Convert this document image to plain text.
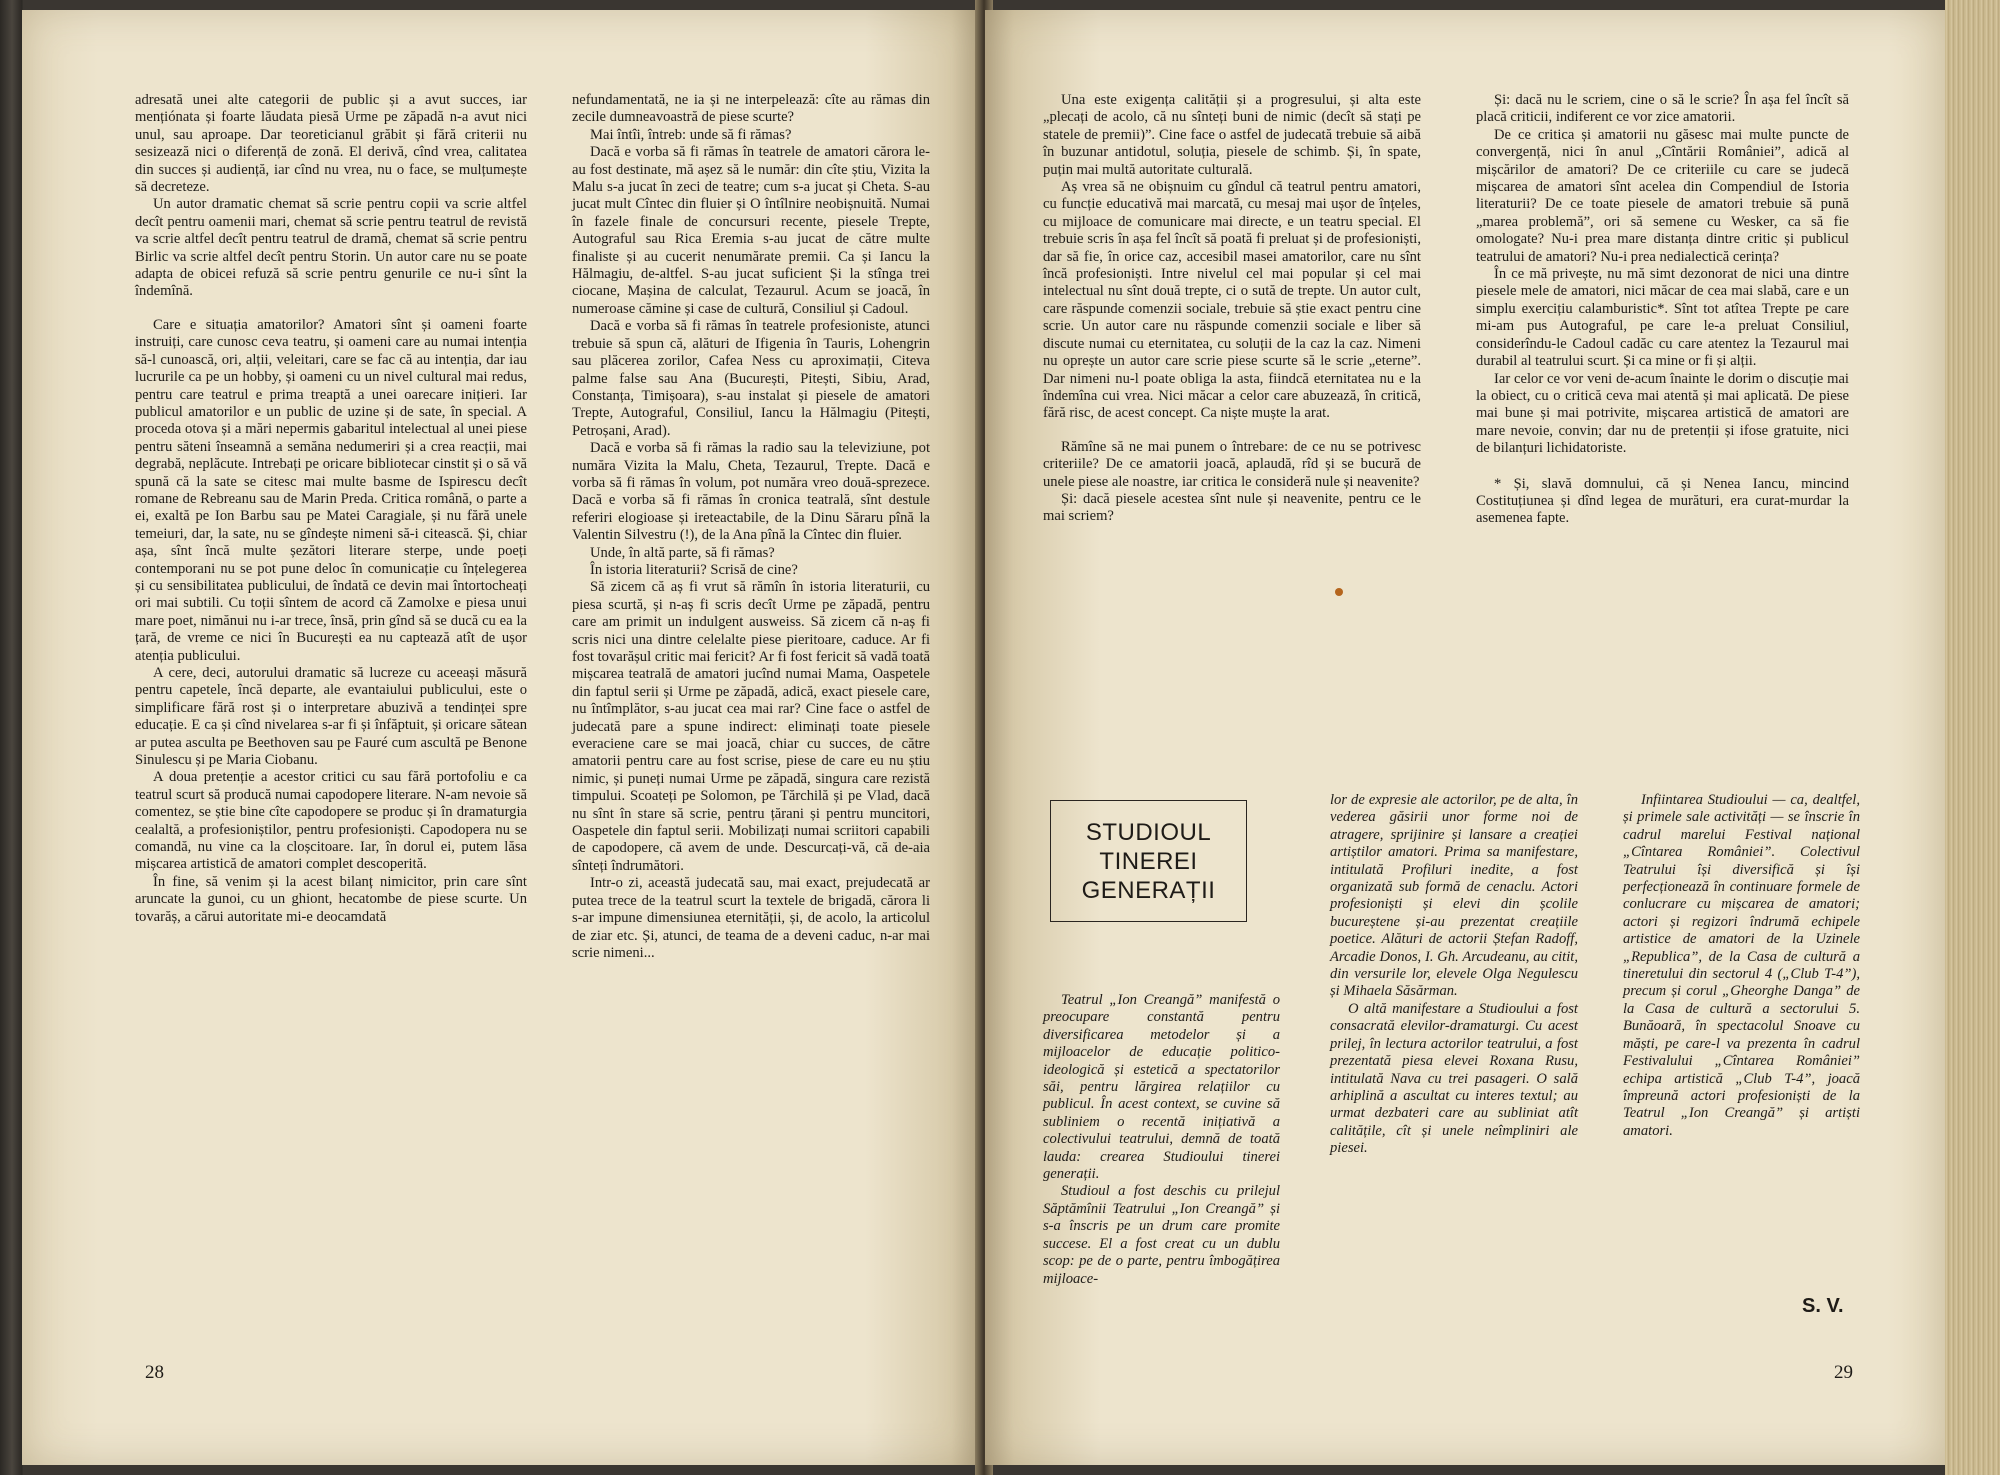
adresată unei alte categorii de public și a avut succes, iar mențiónata și foarte lăudata piesă Urme pe zăpadă n-a avut nici unul, sau aproape. Dar teoreticianul grăbit și fără criterii nu sesizează nici o diferență de zonă. El derivă, cînd vrea, calitatea din succes și audiență, iar cînd nu vrea, nu o face, se mulțumește să decreteze.

Un autor dramatic chemat să scrie pentru copii va scrie altfel decît pentru oamenii mari, chemat să scrie pentru teatrul de revistă va scrie altfel decît pentru teatrul de dramă, chemat să scrie pentru Birlic va scrie altfel decît pentru Storin. Un autor care nu se poate adapta de obicei refuză să scrie pentru genurile ce nu-i sînt la îndemînă.

Care e situația amatorilor? Amatori sînt și oameni foarte instruiți, care cunosc ceva teatru, și oameni care au numai intenția să-l cunoască, ori, alții, veleitari, care se fac că au intenția, dar iau lucrurile ca pe un hobby, și oameni cu un nivel cultural mai redus, pentru care teatrul e prima treaptă a unei oarecare inițieri. Iar publicul amatorilor e un public de uzine și de sate, în special. A proceda otova și a mări nepermis gabaritul intelectual al unei piese pentru săteni înseamnă a semăna nedumeriri și a crea reacții, mai degrabă, neplăcute. Intrebați pe oricare bibliotecar cinstit și o să vă spună că la sate se citesc mai multe basme de Ispirescu decît romane de Rebreanu sau de Marin Preda. Critica română, o parte a ei, exaltă pe Ion Barbu sau pe Matei Caragiale, și nu fără unele temeiuri, dar, la sate, nu se gîndește nimeni să-i citească. Și, chiar așa, sînt încă multe șezători literare sterpe, unde poeți contemporani nu se pot pune deloc în comunicație cu înțelegerea și cu sensibilitatea publicului, de îndată ce devin mai întortocheați ori mai subtili. Cu toții sîntem de acord că Zamolxe e piesa unui mare poet, nimănui nu i-ar trece, însă, prin gînd să se ducă cu ea la țară, de vreme ce nici în București ea nu captează atît de ușor atenția publicului.

A cere, deci, autorului dramatic să lucreze cu aceeași măsură pentru capetele, încă departe, ale evantaiului publicului, este o simplificare fără rost și o interpretare abuzivă a tendinței spre educație. E ca și cînd nivelarea s-ar fi și înfăptuit, și oricare sătean ar putea asculta pe Beethoven sau pe Fauré cum ascultă pe Benone Sinulescu și pe Maria Ciobanu.

A doua pretenție a acestor critici cu sau fără portofoliu e ca teatrul scurt să producă numai capodopere literare. N-am nevoie să comentez, se știe bine cîte capodopere se produc și în dramaturgia cealaltă, a profesioniștilor, pentru profesioniști. Capodopera nu se comandă, nu vine ca la cloșcitoare. Iar, în dorul ei, putem lăsa mișcarea artistică de amatori complet descoperită.

În fine, să venim și la acest bilanț nimicitor, prin care sînt aruncate la gunoi, cu un ghiont, hecatombe de piese scurte. Un tovarăș, a cărui autoritate mi-e deocamdată

nefundamentată, ne ia și ne interpelează: cîte au rămas din zecile dumneavoastră de piese scurte?

Mai întîi, întreb: unde să fi rămas?

Dacă e vorba să fi rămas în teatrele de amatori cărora le-au fost destinate, mă așez să le număr: din cîte știu, Vizita la Malu s-a jucat în zeci de teatre; cum s-a jucat și Cheta. S-au jucat mult Cîntec din fluier și O întîlnire neobișnuită. Numai în fazele finale de concursuri recente, piesele Trepte, Autograful sau Rica Eremia s-au jucat de către multe finaliste și au cucerit nenumărate premii. Ca și Iancu la Hălmagiu, de-altfel. S-au jucat suficient Și la stînga trei ciocane, Mașina de calculat, Tezaurul. Acum se joacă, în numeroase cămine și case de cultură, Consiliul și Cadoul.

Dacă e vorba să fi rămas în teatrele profesioniste, atunci trebuie să spun că, alături de Ifigenia în Tauris, Lohengrin sau plăcerea zorilor, Cafea Ness cu aproximații, Citeva palme false sau Ana (București, Pitești, Sibiu, Arad, Constanța, Timișoara), s-au instalat și piesele de amatori Trepte, Autograful, Consiliul, Iancu la Hălmagiu (Pitești, Petroșani, Arad).

Dacă e vorba să fi rămas la radio sau la televiziune, pot număra Vizita la Malu, Cheta, Tezaurul, Trepte. Dacă e vorba să fi rămas în volum, pot număra vreo două-sprezece. Dacă e vorba să fi rămas în cronica teatrală, sînt destule referiri elogioase și ireteactabile, de la Dinu Săraru pînă la Valentin Silvestru (!), de la Ana pînă la Cîntec din fluier.

Unde, în altă parte, să fi rămas?

În istoria literaturii? Scrisă de cine?

Să zicem că aș fi vrut să rămîn în istoria literaturii, cu piesa scurtă, și n-aș fi scris decît Urme pe zăpadă, pentru care am primit un indulgent ausweiss. Să zicem că n-aș fi scris nici una dintre celelalte piese pieritoare, caduce. Ar fi fost tovarășul critic mai fericit? Ar fi fost fericit să vadă toată mișcarea teatrală de amatori jucînd numai Mama, Oaspetele din faptul serii și Urme pe zăpadă, adică, exact piesele care, nu întîmplător, s-au jucat cea mai rar? Cine face o astfel de judecată pare a spune indirect: eliminați toate piesele everaciene care se mai joacă, chiar cu succes, de către amatorii pentru care au fost scrise, piese de care eu nu știu nimic, și puneți numai Urme pe zăpadă, singura care rezistă timpului. Scoateți pe Solomon, pe Tărchilă și pe Vlad, dacă nu sînt în stare să scrie, pentru țărani și pentru muncitori, Oaspetele din faptul serii. Mobilizați numai scriitori capabili de capodopere, că avem de unde. Descurcați-vă, că de-aia sînteți îndrumători.

Intr-o zi, această judecată sau, mai exact, prejudecată ar putea trece de la teatrul scurt la textele de brigadă, cărora li s-ar impune dimensiunea eternității, și, de acolo, la articolul de ziar etc. Și, atunci, de teama de a deveni caduc, n-ar mai scrie nimeni...

28

Una este exigența calității și a progresului, și alta este „plecați de acolo, că nu sînteți buni de nimic (decît să stați pe statele de premii)”. Cine face o astfel de judecată trebuie să aibă în buzunar antidotul, soluția, piesele de schimb. Și, în spate, puțin mai multă autoritate culturală.

Aș vrea să ne obișnuim cu gîndul că teatrul pentru amatori, cu funcție educativă mai marcată, cu mesaj mai ușor de înțeles, cu mijloace de comunicare mai directe, e un teatru special. El trebuie scris în așa fel încît să poată fi preluat și de profesioniști, dar să fie, în orice caz, accesibil masei amatorilor, care nu sînt încă profesioniști. Intre nivelul cel mai popular și cel mai intelectual nu sînt două trepte, ci o sută de trepte. Un autor cult, care răspunde comenzii sociale, trebuie să știe exact pentru cine scrie. Un autor care nu răspunde comenzii sociale e liber să discute numai cu eternitatea, cu soluții de la caz la caz. Nimeni nu oprește un autor care scrie piese scurte să le scrie „eterne”. Dar nimeni nu-l poate obliga la asta, fiindcă eternitatea nu e la îndemîna cui vrea. Nici măcar a celor care abuzează, în critică, fără risc, de acest concept. Ca niște muște la arat.

Rămîne să ne mai punem o întrebare: de ce nu se potrivesc criteriile? De ce amatorii joacă, aplaudă, rîd și se bucură de unele piese ale noastre, iar critica le consideră nule și neavenite?

Și: dacă piesele acestea sînt nule și neavenite, pentru ce le mai scriem?

Și: dacă nu le scriem, cine o să le scrie? În așa fel încît să placă criticii, indiferent ce vor zice amatorii.

De ce critica și amatorii nu găsesc mai multe puncte de convergență, nici în anul „Cîntării României”, adică al mișcărilor de amatori? De ce criteriile cu care se judecă mișcarea de amatori sînt acelea din Compendiul de Istoria literaturii? De ce toate piesele de amatori trebuie să pună „marea problemă”, ori să semene cu Wesker, ca să fie omologate? Nu-i prea mare distanța dintre critic și publicul teatrului de amatori? Nu-i prea nedialectică cerința?

În ce mă privește, nu mă simt dezonorat de nici una dintre piesele mele de amatori, nici măcar de cea mai slabă, care e un simplu exercițiu calamburistic*. Sînt tot atîtea Trepte pe care mi-am pus Autograful, pe care le-a preluat Consiliul, considerîndu-le Cadoul cadăc cu care atentez la Tezaurul mai durabil al teatrului scurt. Și ca mine or fi și alții.

Iar celor ce vor veni de-acum înainte le dorim o discuție mai la obiect, cu o critică ceva mai atentă și mai aplicată. De piese mai bune și mai potrivite, mișcarea artistică de amatori are mare nevoie, convin; dar nu de pretenții și ifose gratuite, nici de bilanțuri lichidatoriste.

* Și, slavă domnului, că și Nenea Iancu, mincind Costituțiunea și dînd legea de murături, era curat-murdar la asemenea fapte.

STUDIOUL
TINEREI
GENERAȚII

Teatrul „Ion Creangă” manifestă o preocupare constantă pentru diversificarea metodelor și a mijloacelor de educație politico-ideologică și estetică a spectatorilor săi, pentru lărgirea relațiilor cu publicul. În acest context, se cuvine să subliniem o recentă inițiativă a colectivului teatrului, demnă de toată lauda: crearea Studioului tinerei generații.

Studioul a fost deschis cu prilejul Săptămînii Teatrului „Ion Creangă” și s-a înscris pe un drum care promite succese. El a fost creat cu un dublu scop: pe de o parte, pentru îmbogățirea mijloace-

lor de expresie ale actorilor, pe de alta, în vederea găsirii unor forme noi de atragere, sprijinire și lansare a creației artiștilor amatori. Prima sa manifestare, intitulată Profiluri inedite, a fost organizată sub formă de cenaclu. Actori profesioniști și elevi din școlile bucureștene și-au prezentat creațiile poetice. Alături de actorii Ștefan Radoff, Arcadie Donos, I. Gh. Arcudeanu, au citit, din versurile lor, elevele Olga Negulescu și Mihaela Săsărman.

O altă manifestare a Studioului a fost consacrată elevilor-dramaturgi. Cu acest prilej, în lectura actorilor teatrului, a fost prezentată piesa elevei Roxana Rusu, intitulată Nava cu trei pasageri. O sală arhiplină a ascultat cu interes textul; au urmat dezbateri care au subliniat atît calitățile, cît și unele neîmpliniri ale piesei.

Infiintarea Studioului — ca, dealtfel, și primele sale activități — se înscrie în cadrul marelui Festival național „Cîntarea României”. Colectivul Teatrului își diversifică și își perfecționează în continuare formele de conlucrare cu mișcarea de amatori; actori și regizori îndrumă echipele artistice de amatori de la Uzinele „Republica”, de la Casa de cultură a tineretului din sectorul 4 („Club T-4”), precum și corul „Gheorghe Danga” de la Casa de cultură a sectorului 5. Bunăoară, în spectacolul Snoave cu măști, pe care-l va prezenta în cadrul Festivalului „Cîntarea României” echipa artistică „Club T-4”, joacă împreună actori profesioniști de la Teatrul „Ion Creangă” și artiști amatori.

S. V.
29
